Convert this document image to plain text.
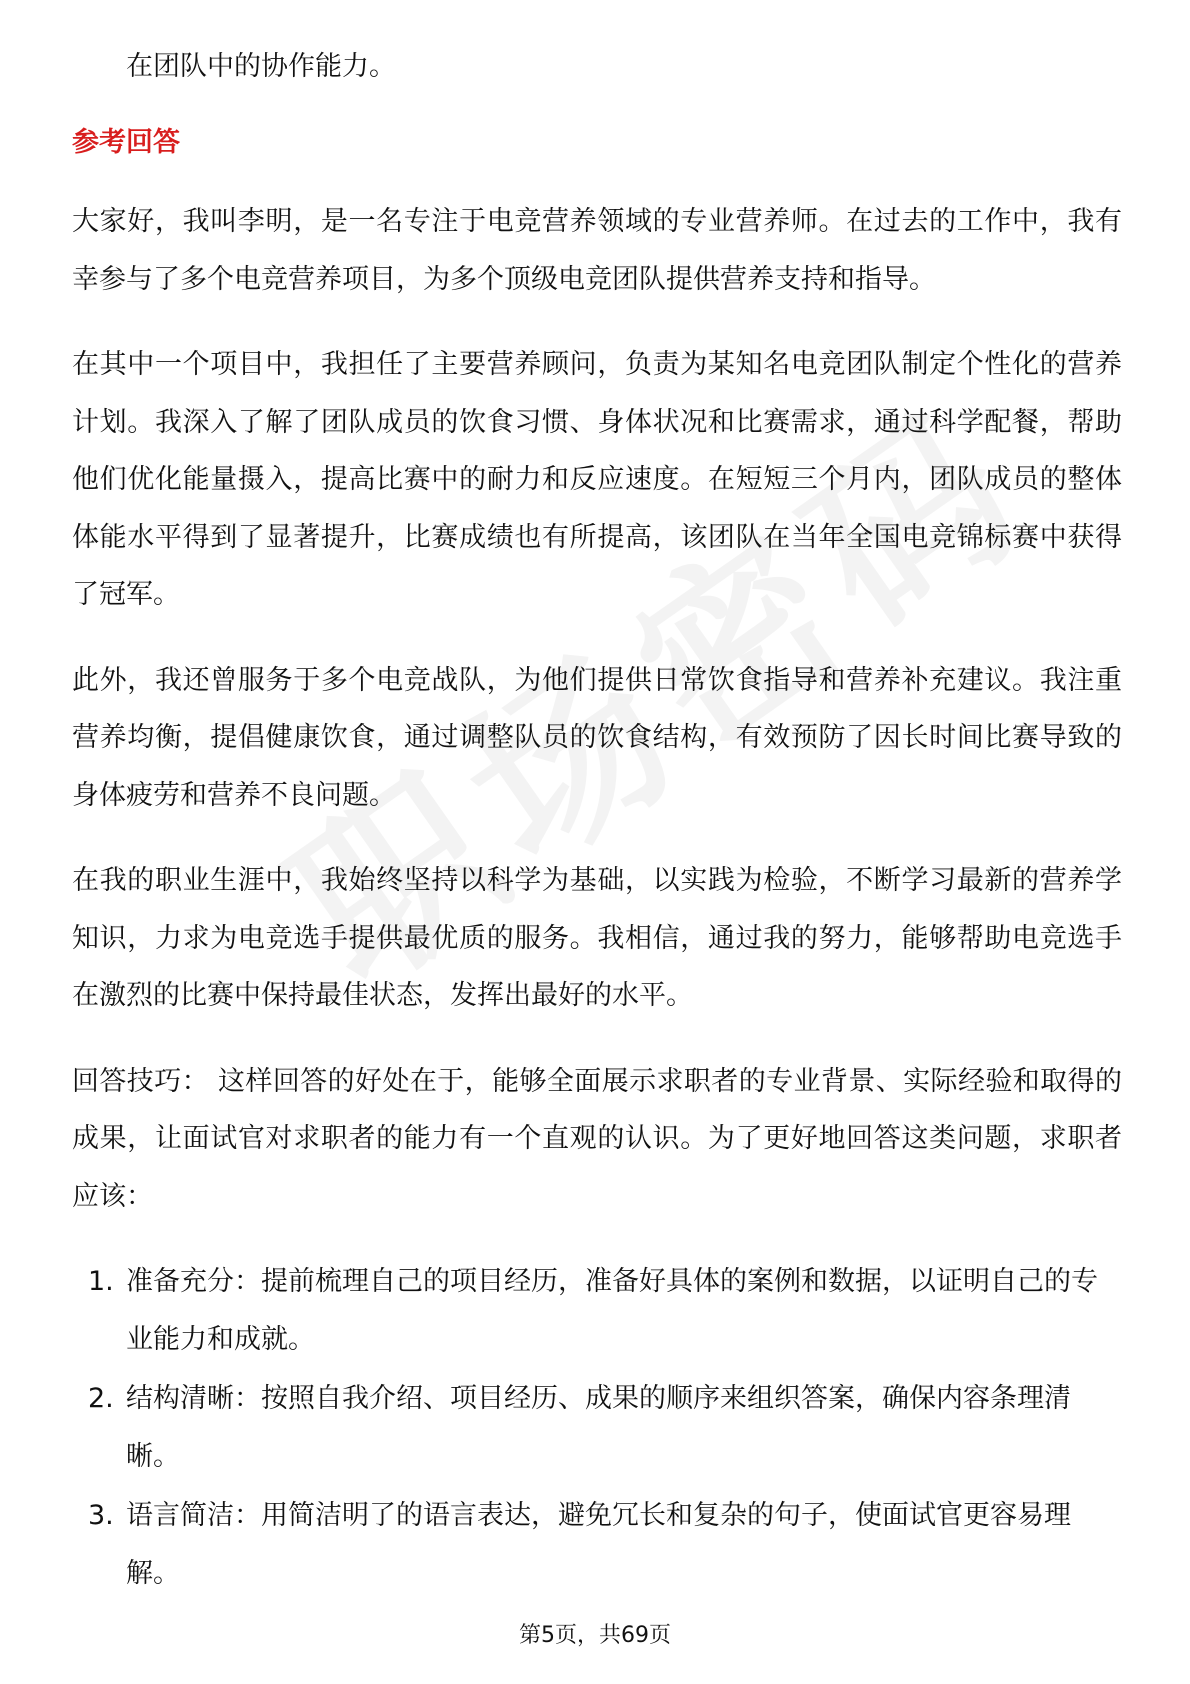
在团队中的协作能力。

参考回答

大家好，我叫李明，是一名专注于电竞营养领域的专业营养师。在过去的工作中，我有幸参与了多个电竞营养项目，为多个顶级电竞团队提供营养支持和指导。

在其中一个项目中，我担任了主要营养顾问，负责为某知名电竞团队制定个性化的营养计划。我深入了解了团队成员的饮食习惯、身体状况和比赛需求，通过科学配餐，帮助他们优化能量摄入，提高比赛中的耐力和反应速度。在短短三个月内，团队成员的整体体能水平得到了显著提升，比赛成绩也有所提高，该团队在当年全国电竞锦标赛中获得了冠军。

此外，我还曾服务于多个电竞战队，为他们提供日常饮食指导和营养补充建议。我注重营养均衡，提倡健康饮食，通过调整队员的饮食结构，有效预防了因长时间比赛导致的身体疲劳和营养不良问题。

在我的职业生涯中，我始终坚持以科学为基础，以实践为检验，不断学习最新的营养学知识，力求为电竞选手提供最优质的服务。我相信，通过我的努力，能够帮助电竞选手在激烈的比赛中保持最佳状态，发挥出最好的水平。

回答技巧： 这样回答的好处在于，能够全面展示求职者的专业背景、实际经验和取得的成果，让面试官对求职者的能力有一个直观的认识。为了更好地回答这类问题，求职者应该：

1. 准备充分：提前梳理自己的项目经历，准备好具体的案例和数据，以证明自己的专业能力和成就。
2. 结构清晰：按照自我介绍、项目经历、成果的顺序来组织答案，确保内容条理清晰。
3. 语言简洁：用简洁明了的语言表达，避免冗长和复杂的句子，使面试官更容易理解。
第5页，共69页
